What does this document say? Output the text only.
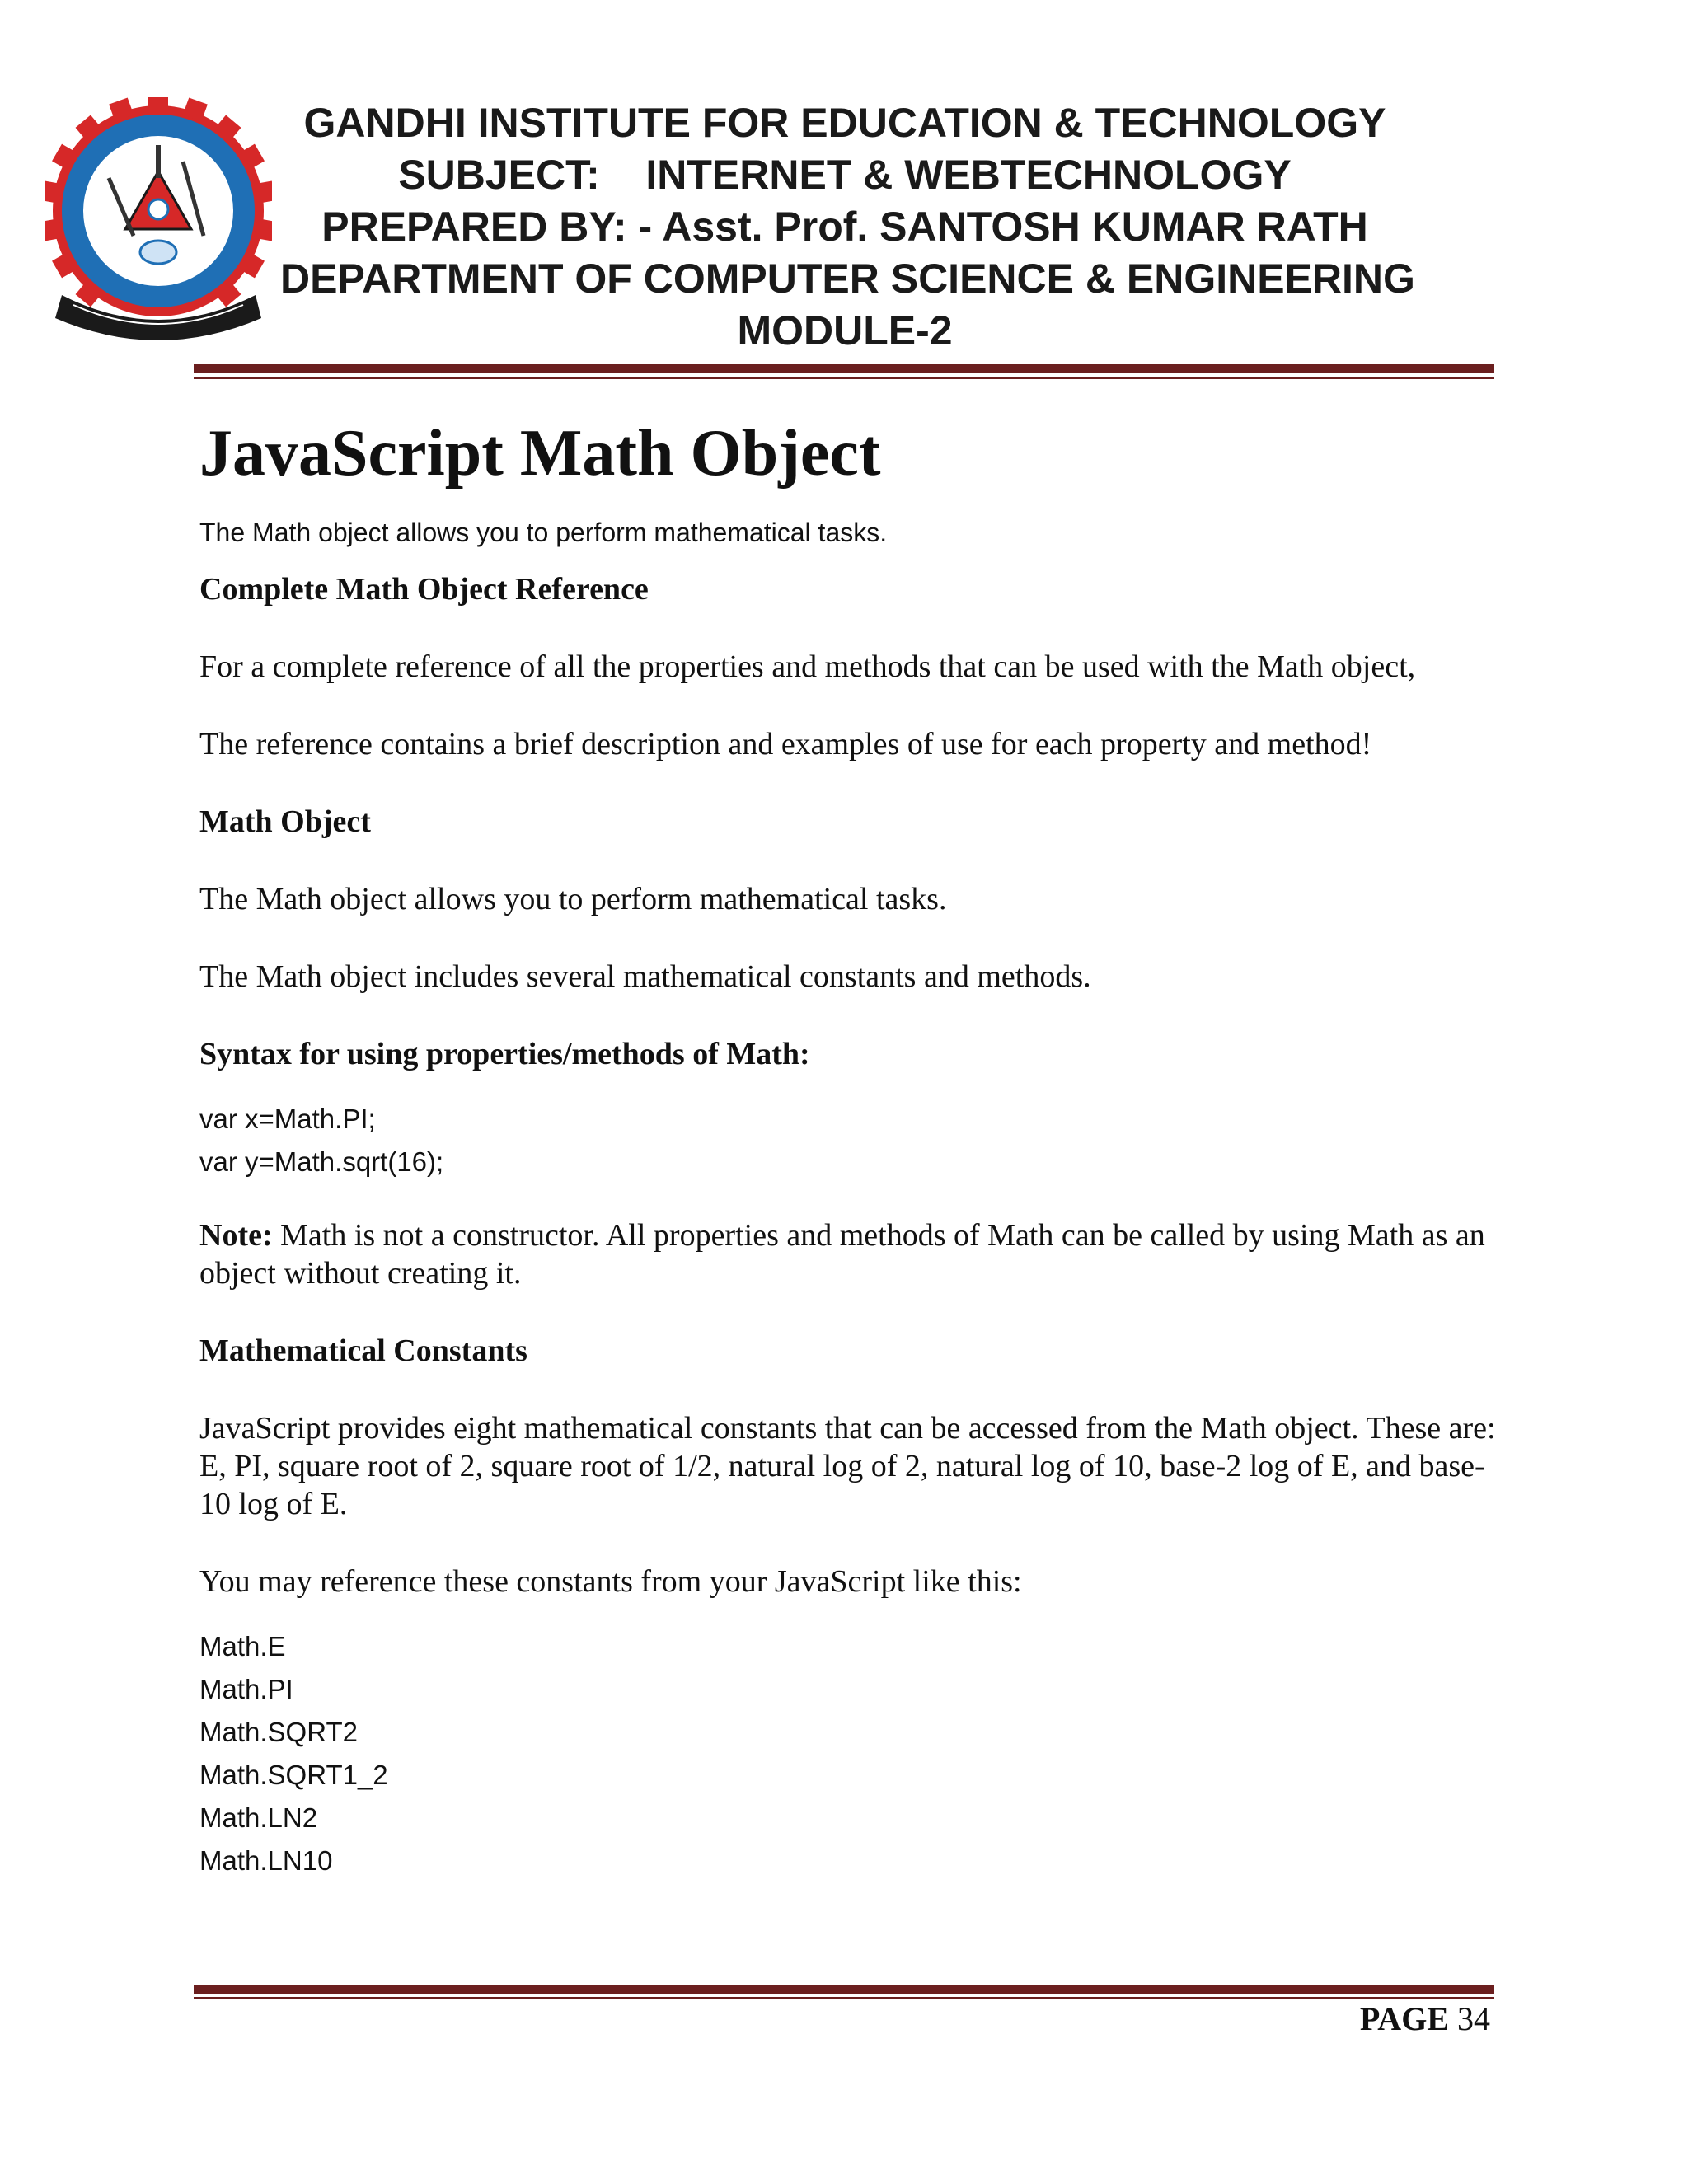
GANDHI INSTITUTE FOR EDUCATION & TECHNOLOGY
SUBJECT:    INTERNET & WEBTECHNOLOGY
PREPARED BY: - Asst. Prof. SANTOSH KUMAR RATH
DEPARTMENT OF COMPUTER SCIENCE & ENGINEERING
MODULE-2
JavaScript Math Object
The Math object allows you to perform mathematical tasks.
Complete Math Object Reference
For a complete reference of all the properties and methods that can be used with the Math object,
The reference contains a brief description and examples of use for each property and method!
Math Object
The Math object allows you to perform mathematical tasks.
The Math object includes several mathematical constants and methods.
Syntax for using properties/methods of Math:
var x=Math.PI;
var y=Math.sqrt(16);
Note: Math is not a constructor. All properties and methods of Math can be called by using Math as an object without creating it.
Mathematical Constants
JavaScript provides eight mathematical constants that can be accessed from the Math object. These are: E, PI, square root of 2, square root of 1/2, natural log of 2, natural log of 10, base-2 log of E, and base-10 log of E.
You may reference these constants from your JavaScript like this:
Math.E
Math.PI
Math.SQRT2
Math.SQRT1_2
Math.LN2
Math.LN10
PAGE 34
